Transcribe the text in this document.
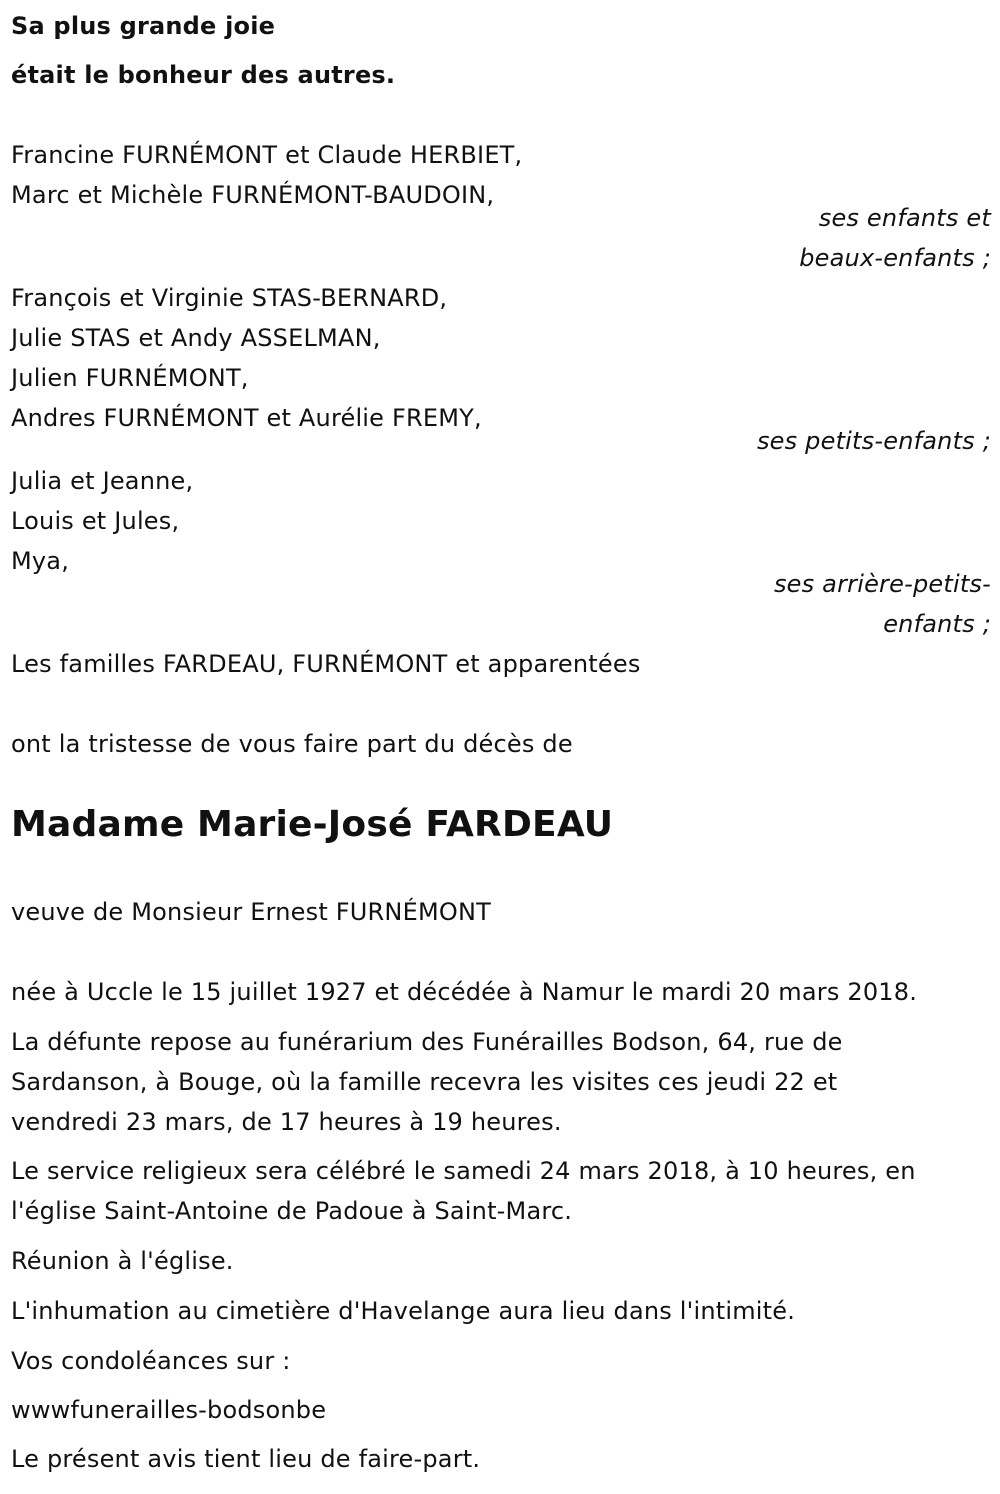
Sa plus grande joie
était le bonheur des autres.
Francine FURNÉMONT et Claude HERBIET,
Marc et Michèle FURNÉMONT-BAUDOIN,
ses enfants et
beaux-enfants ;
François et Virginie STAS-BERNARD,
Julie STAS et Andy ASSELMAN,
Julien FURNÉMONT,
Andres FURNÉMONT et Aurélie FREMY,
ses petits-enfants ;
Julia et Jeanne,
Louis et Jules,
Mya,
ses arrière-petits-
enfants ;
Les familles FARDEAU, FURNÉMONT et apparentées
ont la tristesse de vous faire part du décès de
Madame Marie-José FARDEAU
veuve de Monsieur Ernest FURNÉMONT
née à Uccle le 15 juillet 1927 et décédée à Namur le mardi 20 mars 2018.
La défunte repose au funérarium des Funérailles Bodson, 64, rue de
Sardanson, à Bouge, où la famille recevra les visites ces jeudi 22 et
vendredi 23 mars, de 17 heures à 19 heures.
Le service religieux sera célébré le samedi 24 mars 2018, à 10 heures, en
l'église Saint-Antoine de Padoue à Saint-Marc.
Réunion à l'église.
L'inhumation au cimetière d'Havelange aura lieu dans l'intimité.
Vos condoléances sur :
wwwfunerailles-bodsonbe
Le présent avis tient lieu de faire-part.
